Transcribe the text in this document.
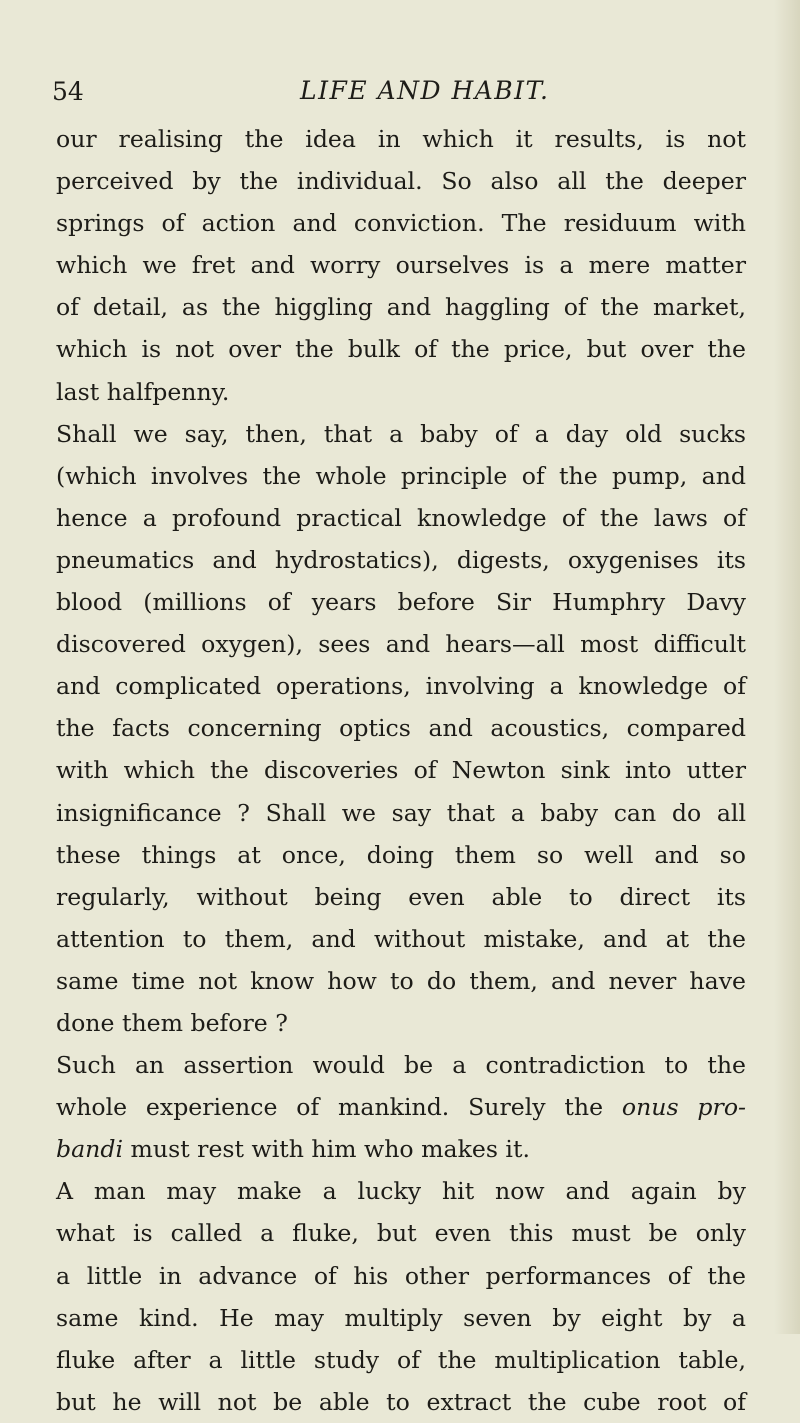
54	LIFE AND HABIT.
our realising the idea in which it results, is not
perceived by the individual. So also all the deeper
springs of action and conviction. The residuum with
which we fret and worry ourselves is a mere matter
of detail, as the higgling and haggling of the market,
which is not over the bulk of the price, but over the
last halfpenny.
Shall we say, then, that a baby of a day old sucks
(which involves the whole principle of the pump, and
hence a profound practical knowledge of the laws of
pneumatics and hydrostatics), digests, oxygenises its
blood (millions of years before Sir Humphry Davy
discovered oxygen), sees and hears—all most difficult
and complicated operations, involving a knowledge of
the facts concerning optics and acoustics, compared
with which the discoveries of Newton sink into utter
insignificance ? Shall we say that a baby can do all
these things at once, doing them so well and so
regularly, without being even able to direct its
attention to them, and without mistake, and at the
same time not know how to do them, and never have
done them before ?
Such an assertion would be a contradiction to the
whole experience of mankind. Surely the onus pro-
bandi must rest with him who makes it.
A man may make a lucky hit now and again by
what is called a fluke, but even this must be only
a little in advance of his other performances of the
same kind. He may multiply seven by eight by a
fluke after a little study of the multiplication table,
but he will not be able to extract the cube root of
